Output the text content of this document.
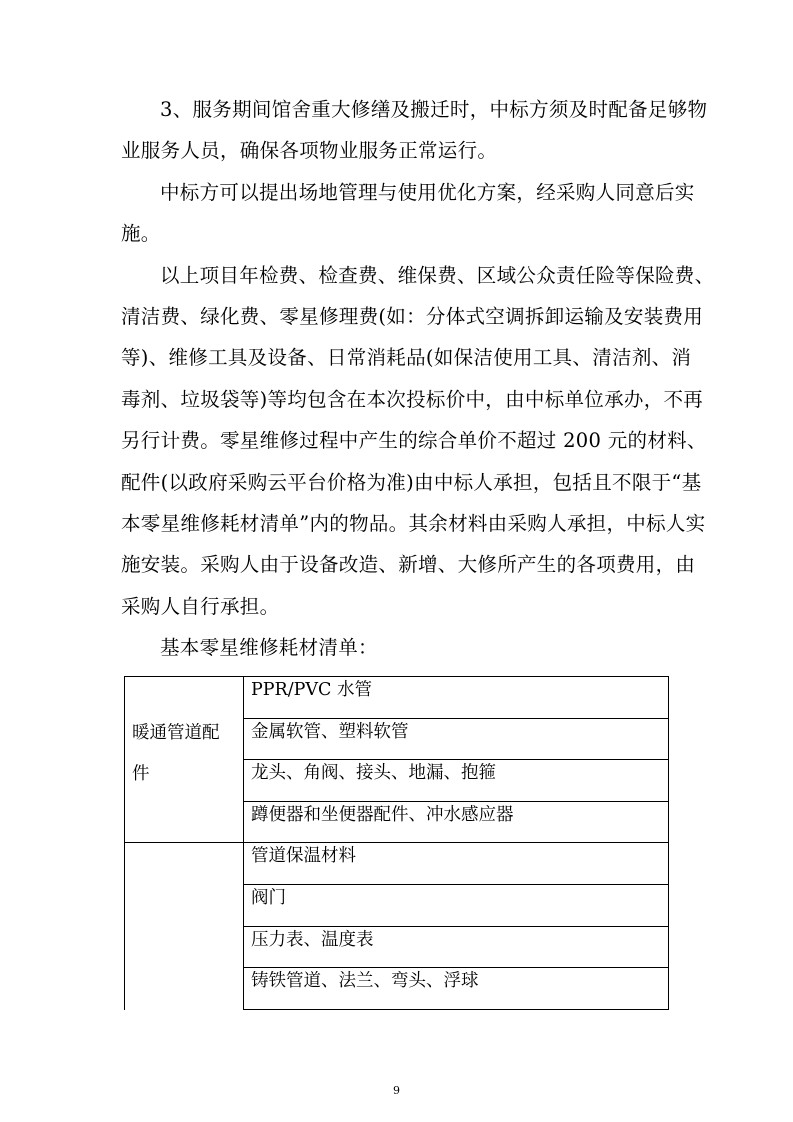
9
3、服务期间馆舍重大修缮及搬迁时，中标方须及时配备足够物
业服务人员，确保各项物业服务正常运行。
中标方可以提出场地管理与使用优化方案，经采购人同意后实
施。
以上项目年检费、检查费、维保费、区域公众责任险等保险费、
清洁费、绿化费、零星修理费(如：分体式空调拆卸运输及安装费用
等)、维修工具及设备、日常消耗品(如保洁使用工具、清洁剂、消
毒剂、垃圾袋等)等均包含在本次投标价中，由中标单位承办，不再
另行计费。零星维修过程中产生的综合单价不超过 200 元的材料、
配件(以政府采购云平台价格为准)由中标人承担，包括且不限于“基
本零星维修耗材清单”内的物品。其余材料由采购人承担，中标人实
施安装。采购人由于设备改造、新增、大修所产生的各项费用，由
采购人自行承担。
基本零星维修耗材清单：
PPR/PVC 水管
金属软管、塑料软管
龙头、角阀、接头、地漏、抱箍
蹲便器和坐便器配件、冲水感应器
暖通管道配
件
管道保温材料
阀门
压力表、温度表
铸铁管道、法兰、弯头、浮球
